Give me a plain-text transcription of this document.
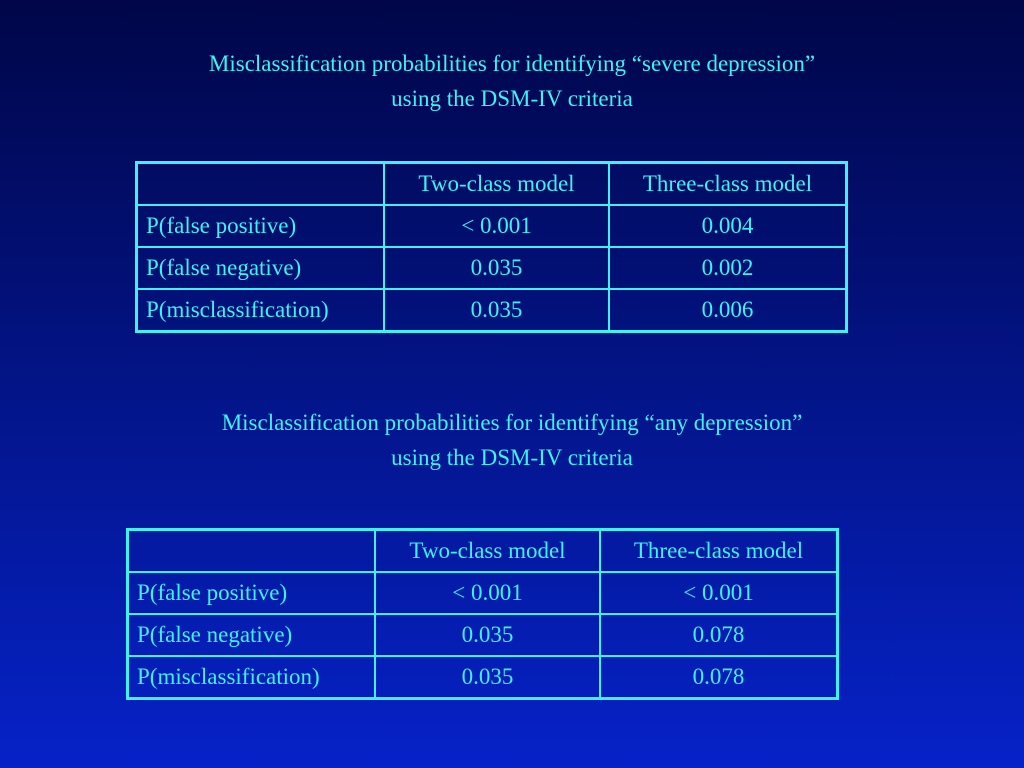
Misclassification probabilities for identifying “severe depression”
using the DSM-IV criteria
	Two-class model	Three-class model
P(false positive)	< 0.001	0.004
P(false negative)	0.035	0.002
P(misclassification)	0.035	0.006
Misclassification probabilities for identifying “any depression”
using the DSM-IV criteria
	Two-class model	Three-class model
P(false positive)	< 0.001	< 0.001
P(false negative)	0.035	0.078
P(misclassification)	0.035	0.078
